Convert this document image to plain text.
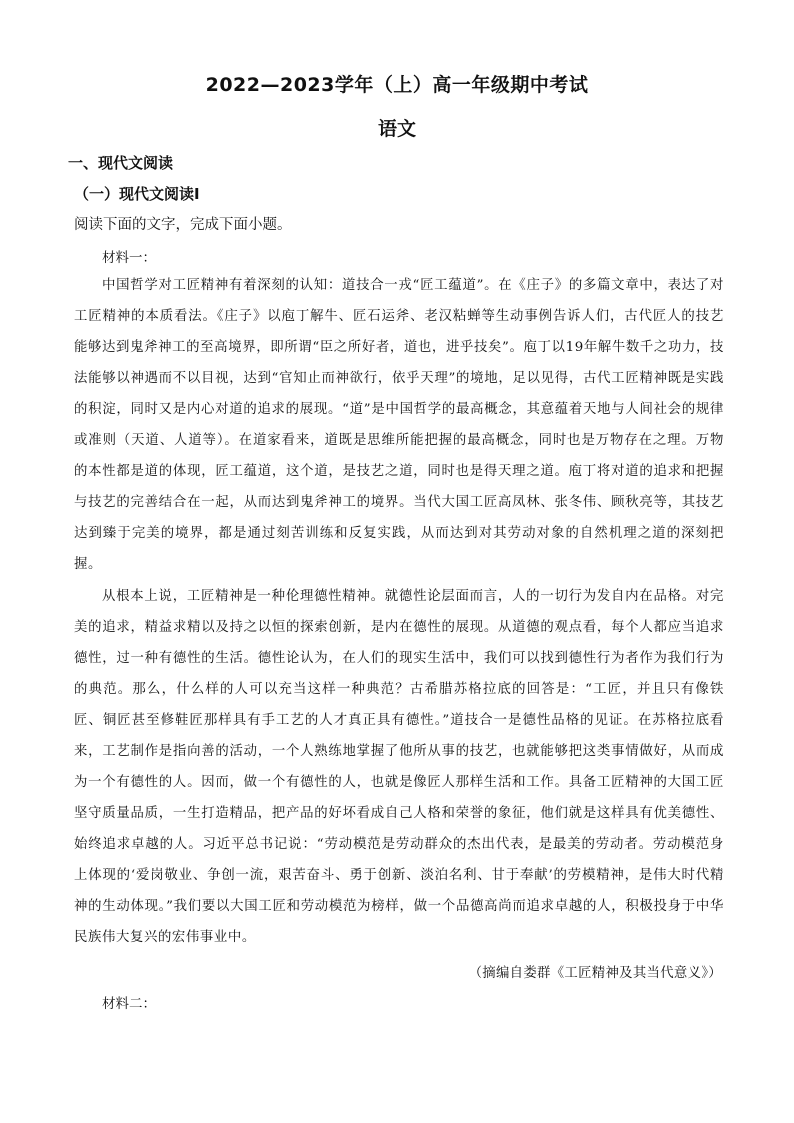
2022—2023学年（上）高一年级期中考试
语文
一、现代文阅读
（一）现代文阅读Ⅰ
阅读下面的文字，完成下面小题。
材料一：
中国哲学对工匠精神有着深刻的认知：道技合一戎“匠工蕴道”。在《庄子》的多篇文章中，表达了对工匠精神的本质看法。《庄子》以庖丁解牛、匠石运斧、老汉粘蝉等生动事例告诉人们，古代匠人的技艺能够达到鬼斧神工的至高境界，即所谓“臣之所好者，道也，进乎技矣”。庖丁以19年解牛数千之功力，技法能够以神遇而不以目视，达到“官知止而神欲行，依乎天理”的境地，足以见得，古代工匠精神既是实践的积淀，同时又是内心对道的追求的展现。“道”是中国哲学的最高概念，其意蕴着天地与人间社会的规律或准则（天道、人道等）。在道家看来，道既是思维所能把握的最高概念，同时也是万物存在之理。万物的本性都是道的体现，匠工蕴道，这个道，是技艺之道，同时也是得天理之道。庖丁将对道的追求和把握与技艺的完善结合在一起，从而达到鬼斧神工的境界。当代大国工匠高凤林、张冬伟、顾秋亮等，其技艺达到臻于完美的境界，都是通过刻苦训练和反复实践，从而达到对其劳动对象的自然机理之道的深刻把握。
从根本上说，工匠精神是一种伦理德性精神。就德性论层面而言，人的一切行为发自内在品格。对完美的追求，精益求精以及持之以恒的探索创新，是内在德性的展现。从道德的观点看，每个人都应当追求德性，过一种有德性的生活。德性论认为，在人们的现实生活中，我们可以找到德性行为者作为我们行为的典范。那么，什么样的人可以充当这样一种典范？古希腊苏格拉底的回答是：“工匠，并且只有像铁匠、铜匠甚至修鞋匠那样具有手工艺的人才真正具有德性。”道技合一是德性品格的见证。在苏格拉底看来，工艺制作是指向善的活动，一个人熟练地掌握了他所从事的技艺，也就能够把这类事情做好，从而成为一个有德性的人。因而，做一个有德性的人，也就是像匠人那样生活和工作。具备工匠精神的大国工匠坚守质量品质，一生打造精品，把产品的好坏看成自己人格和荣誉的象征，他们就是这样具有优美德性、始终追求卓越的人。习近平总书记说：“劳动模范是劳动群众的杰出代表，是最美的劳动者。劳动模范身上体现的‘爱岗敬业、争创一流，艰苦奋斗、勇于创新、淡泊名利、甘于奉献’的劳模精神，是伟大时代精神的生动体现。”我们要以大国工匠和劳动模范为榜样，做一个品德高尚而追求卓越的人，积极投身于中华民族伟大复兴的宏伟事业中。
（摘编自娄群《工匠精神及其当代意义》）
材料二：
